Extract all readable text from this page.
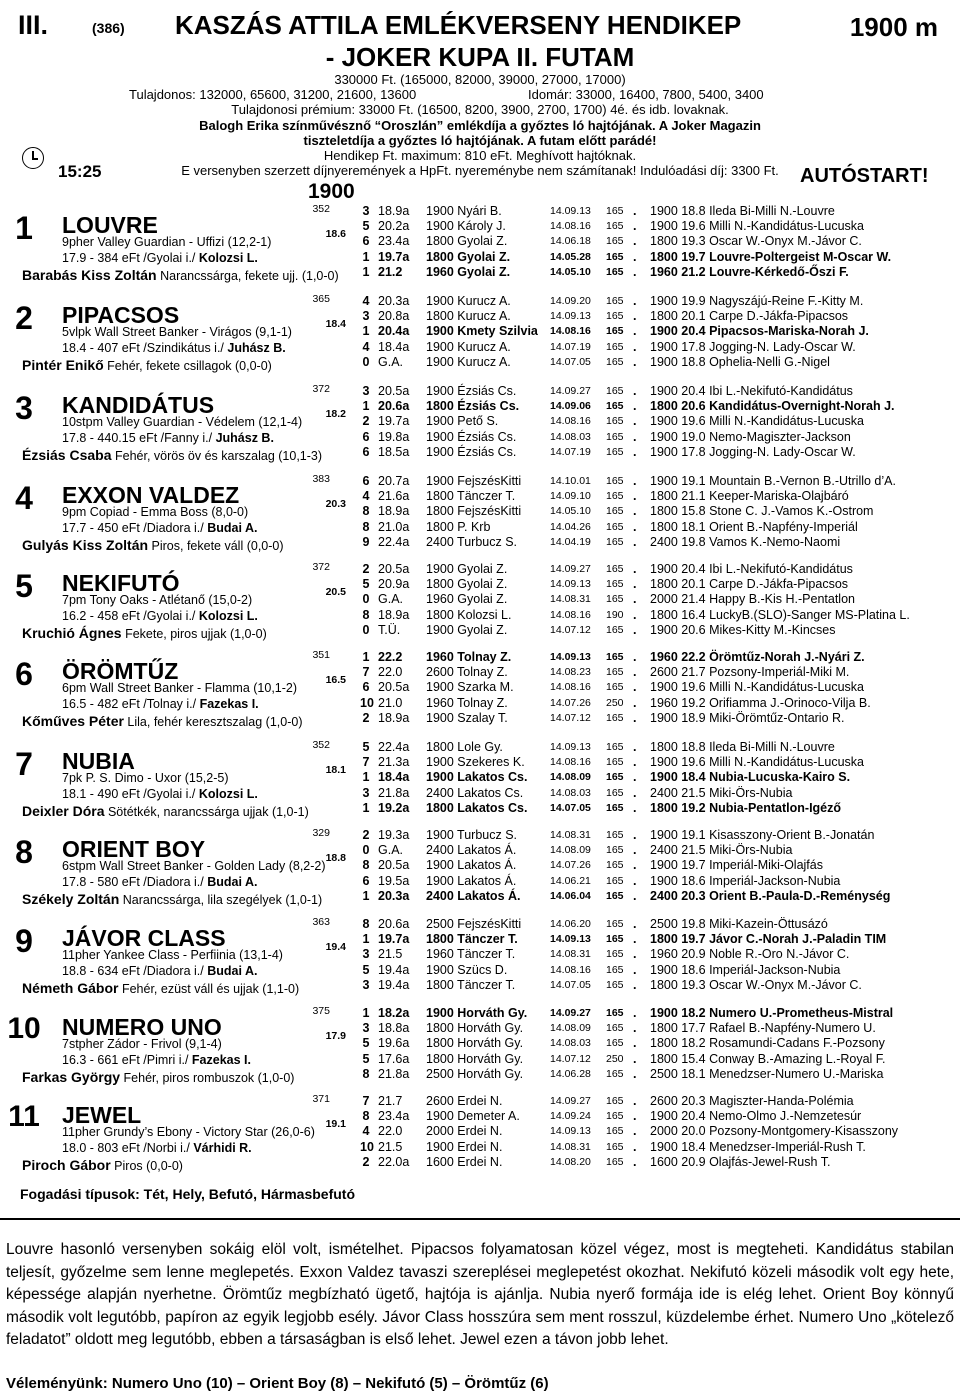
III.	(386) KASZÁS ATTILA EMLÉKVERSENY HENDIKEP	1900 m
- JOKER KUPA II. FUTAM
330000 Ft. (165000, 82000, 39000, 27000, 17000)
Tulajdonos: 132000, 65600, 31200, 21600, 13600	Idomár: 33000, 16400, 7800, 5400, 3400
Tulajdonosi prémium: 33000 Ft. (16500, 8200, 3900, 2700, 1700) 4é. és idb. lovaknak.
Balogh Erika színművésznő “Oroszlán” emlékdíja a győztes ló hajtójának. A Joker Magazin
tiszteletdíja a győztes ló hajtójának. A futam előtt parádé!
Hendikep Ft. maximum: 810 eFt. Meghívott hajtóknak.
E versenyben szerzett díjnyeremények a HpFt. nyereménybe nem számítanak! Indulóadási díj: 3300 Ft.
15:25	AUTÓSTART!
1900
1	LOUVRE
352
18.6
9pher Valley Guardian - Uffizi (12,2-1)
17.9 - 384 eFt /Gyolai i./ Kolozsi L.
Barabás Kiss Zoltán Narancssárga, fekete ujj. (1,0-0)
3 18.9a 1900 Nyári B.	14.09.13 165 . 1900 18.8 Ileda Bi-Milli N.-Louvre
5 20.2a 1900 Károly J.	14.08.16 165 . 1900 19.6 Milli N.-Kandidátus-Lucuska
6 23.4a 1800 Gyolai Z.	14.06.18 165 . 1800 19.3 Oscar W.-Onyx M.-Jávor C.
1 19.7a 1800 Gyolai Z.	14.05.28 165 . 1800 19.7 Louvre-Poltergeist M-Oscar W.
1 21.2 1960 Gyolai Z.	14.05.10 165 . 1960 21.2 Louvre-Kérkedő-Őszi F.
2	PIPACSOS
365
18.4
5vlpk Wall Street Banker - Virágos (9,1-1)
18.4 - 407 eFt /Szindikátus i./ Juhász B.
Pintér Enikő Fehér, fekete csillagok (0,0-0)
4 20.3a 1900 Kurucz A.	14.09.20 165 . 1900 19.9 Nagyszájú-Reine F.-Kitty M.
3 20.8a 1800 Kurucz A.	14.09.13 165 . 1800 20.1 Carpe D.-Jákfa-Pipacsos
1 20.4a 1900 Kmety Szilvia 14.08.16 165 . 1900 20.4 Pipacsos-Mariska-Norah J.
4 18.4a 1900 Kurucz A.	14.07.19 165 . 1900 17.8 Jogging-N. Lady-Oscar W.
0 G.A. 1900 Kurucz A.	14.07.05 165 . 1900 18.8 Ophelia-Nelli G.-Nigel
3	KANDIDÁTUS
372
18.2
10stpm Valley Guardian - Védelem (12,1-4)
17.8 - 440.15 eFt /Fanny i./ Juhász B.
Ézsiás Csaba Fehér, vörös öv és karszalag (10,1-3)
3 20.5a 1900 Ézsiás Cs.	14.09.27 165 . 1900 20.4 Ibi L.-Nekifutó-Kandidátus
1 20.6a 1800 Ézsiás Cs.	14.09.06 165 . 1800 20.6 Kandidátus-Overnight-Norah J.
2 19.7a 1900 Pető S.	14.08.16 165 . 1900 19.6 Milli N.-Kandidátus-Lucuska
6 19.8a 1900 Ézsiás Cs.	14.08.03 165 . 1900 19.0 Nemo-Magiszter-Jackson
6 18.5a 1900 Ézsiás Cs.	14.07.19 165 . 1900 17.8 Jogging-N. Lady-Oscar W.
4	EXXON VALDEZ
383
20.3
9pm Copiad - Emma Boss (8,0-0)
17.7 - 450 eFt /Diadora i./ Budai A.
Gulyás Kiss Zoltán Piros, fekete váll (0,0-0)
6 20.7a 1900 FejszésKitti	14.10.01 165 . 1900 19.1 Mountain B.-Vernon B.-Utrillo d’A.
4 21.6a 1800 Tänczer T.	14.09.10 165 . 1800 21.1 Keeper-Mariska-Olajbáró
8 18.9a 1800 FejszésKitti	14.05.10 165 . 1800 15.8 Stone C. J.-Vamos K.-Ostrom
8 21.0a 1800 P. Krb	14.04.26 165 . 1800 18.1 Orient B.-Napfény-Imperiál
9 22.4a 2400 Turbucz S.	14.04.19 165 . 2400 19.8 Vamos K.-Nemo-Naomi
5	NEKIFUTÓ
372
20.5
7pm Tony Oaks - Atlétanő (15,0-2)
16.2 - 458 eFt /Gyolai i./ Kolozsi L.
Kruchió Ágnes Fekete, piros ujjak (1,0-0)
2 20.5a 1900 Gyolai Z.	14.09.27 165 . 1900 20.4 Ibi L.-Nekifutó-Kandidátus
5 20.9a 1800 Gyolai Z.	14.09.13 165 . 1800 20.1 Carpe D.-Jákfa-Pipacsos
0 G.A. 1960 Gyolai Z.	14.08.31 165 . 2000 21.4 Happy B.-Kis H.-Pentatlon
8 18.9a 1800 Kolozsi L.	14.08.16 190 . 1800 16.4 LuckyB.(SLO)-Sanger MS-Platina L.
0 T.Ü. 1900 Gyolai Z.	14.07.12 165 . 1900 20.6 Mikes-Kitty M.-Kincses
6	ÖRÖMTŰZ
351
16.5
6pm Wall Street Banker - Flamma (10,1-2)
16.5 - 482 eFt /Tolnay i./ Fazekas I.
Kőműves Péter Lila, fehér keresztszalag (1,0-0)
1 22.2 1960 Tolnay Z.	14.09.13 165 . 1960 22.2 Örömtűz-Norah J.-Nyári Z.
7 22.0 2600 Tolnay Z.	14.08.23 165 . 2600 21.7 Pozsony-Imperiál-Miki M.
6 20.5a 1900 Szarka M.	14.08.16 165 . 1900 19.6 Milli N.-Kandidátus-Lucuska
10 21.0 1960 Tolnay Z.	14.07.26 250 . 1960 19.2 Orifiamma J.-Orinoco-Vilja B.
2 18.9a 1900 Szalay T.	14.07.12 165 . 1900 18.9 Miki-Örömtűz-Ontario R.
7	NUBIA
352
18.1
7pk P. S. Dimo - Uxor (15,2-5)
18.1 - 490 eFt /Gyolai i./ Kolozsi L.
Deixler Dóra Sötétkék, narancssárga ujjak (1,0-1)
5 22.4a 1800 Lole Gy.	14.09.13 165 . 1800 18.8 Ileda Bi-Milli N.-Louvre
7 21.3a 1900 Szekeres K. 14.08.16 165 . 1900 19.6 Milli N.-Kandidátus-Lucuska
1 18.4a 1900 Lakatos Cs. 14.08.09 165 . 1900 18.4 Nubia-Lucuska-Kairo S.
3 21.8a 2400 Lakatos Cs.	14.08.03 165 . 2400 21.5 Miki-Örs-Nubia
1 19.2a 1800 Lakatos Cs. 14.07.05 165 . 1800 19.2 Nubia-Pentatlon-Igéző
8	ORIENT BOY
329
18.8
6stpm Wall Street Banker - Golden Lady (8,2-2)
17.8 - 580 eFt /Diadora i./ Budai A.
Székely Zoltán Narancssárga, lila szegélyek (1,0-1)
2 19.3a 1900 Turbucz S.	14.08.31 165 . 1900 19.1 Kisasszony-Orient B.-Jonatán
0 G.A. 2400 Lakatos Á.	14.08.09 165 . 2400 21.5 Miki-Örs-Nubia
8 20.5a 1900 Lakatos Á.	14.07.26 165 . 1900 19.7 Imperiál-Miki-Olajfás
6 19.5a 1900 Lakatos Á.	14.06.21 165 . 1900 18.6 Imperiál-Jackson-Nubia
1 20.3a 2400 Lakatos Á.	14.06.04 165 . 2400 20.3 Orient B.-Paula-D.-Reménység
9	JÁVOR CLASS
363
19.4
11pher Yankee Class - Perfiinia (13,1-4)
18.8 - 634 eFt /Diadora i./ Budai A.
Németh Gábor Fehér, ezüst váll és ujjak (1,1-0)
8 20.6a 2500 FejszésKitti	14.06.20 165 . 2500 19.8 Miki-Kazein-Öttusázó
1 19.7a 1800 Tänczer T.	14.09.13 165 . 1800 19.7 Jávor C.-Norah J.-Paladin TIM
3 21.5 1960 Tänczer T.	14.08.31 165 . 1960 20.9 Noble R.-Oro N.-Jávor C.
5 19.4a 1900 Szücs D.	14.08.16 165 . 1900 18.6 Imperiál-Jackson-Nubia
3 19.4a 1800 Tänczer T.	14.07.05 165 . 1800 19.3 Oscar W.-Onyx M.-Jávor C.
10 NUMERO UNO
375
17.9
7stpher Zádor - Frivol (9,1-4)
16.3 - 661 eFt /Pimri i./ Fazekas I.
Farkas György Fehér, piros rombuszok (1,0-0)
1 18.2a 1900 Horváth Gy. 14.09.27 165 . 1900 18.2 Numero U.-Prometheus-Mistral
3 18.8a 1800 Horváth Gy.	14.08.09 165 . 1800 17.7 Rafael B.-Napfény-Numero U.
5 19.6a 1800 Horváth Gy.	14.08.03 165 . 1800 18.2 Rosamundi-Cadans F.-Pozsony
5 17.6a 1800 Horváth Gy.	14.07.12 250 . 1800 15.4 Conway B.-Amazing L.-Royal F.
8 21.8a 2500 Horváth Gy.	14.06.28 165 . 2500 18.1 Menedzser-Numero U.-Mariska
11 JEWEL
371
19.1
11pher Grundy’s Ebony - Victory Star (26,0-6)
18.0 - 803 eFt /Norbi i./ Várhidi R.
Piroch Gábor Piros (0,0-0)
7 21.7 2600 Erdei N.	14.09.27 165 . 2600 20.3 Magiszter-Handa-Polémia
8 23.4a 1900 Demeter A.	14.09.24 165 . 1900 20.4 Nemo-Olmo J.-Nemzetesúr
4 22.0 2000 Erdei N.	14.09.13 165 . 2000 20.0 Pozsony-Montgomery-Kisasszony
10 21.5 1900 Erdei N.	14.08.31 165 . 1900 18.4 Menedzser-Imperiál-Rush T.
2 22.0a 1600 Erdei N.	14.08.20 165 . 1600 20.9 Olajfás-Jewel-Rush T.
Fogadási típusok: Tét, Hely, Befutó, Hármasbefutó
Louvre hasonló versenyben sokáig elöl volt, ismételhet. Pipacsos folyamatosan közel végez, most is megteheti. Kandidátus stabilan teljesít, győzelme sem lenne meglepetés. Exxon Valdez tavaszi szereplései meglepetést okozhat. Nekifutó közeli második volt egy hete, képessége alapján nyerhetne. Örömtűz megbízható ügető, hajtója is ajánlja. Nubia nyerő formája ide is elég lehet. Orient Boy könnyű második volt legutóbb, papíron az egyik legjobb esély. Jávor Class hosszúra sem ment rosszul, küzdelembe érhet. Numero Uno „kötelező feladatot” oldott meg legutóbb, ebben a társaságban is első lehet. Jewel ezen a távon jobb lehet.
Véleményünk: Numero Uno (10) – Orient Boy (8) – Nekifutó (5) – Örömtűz (6)
